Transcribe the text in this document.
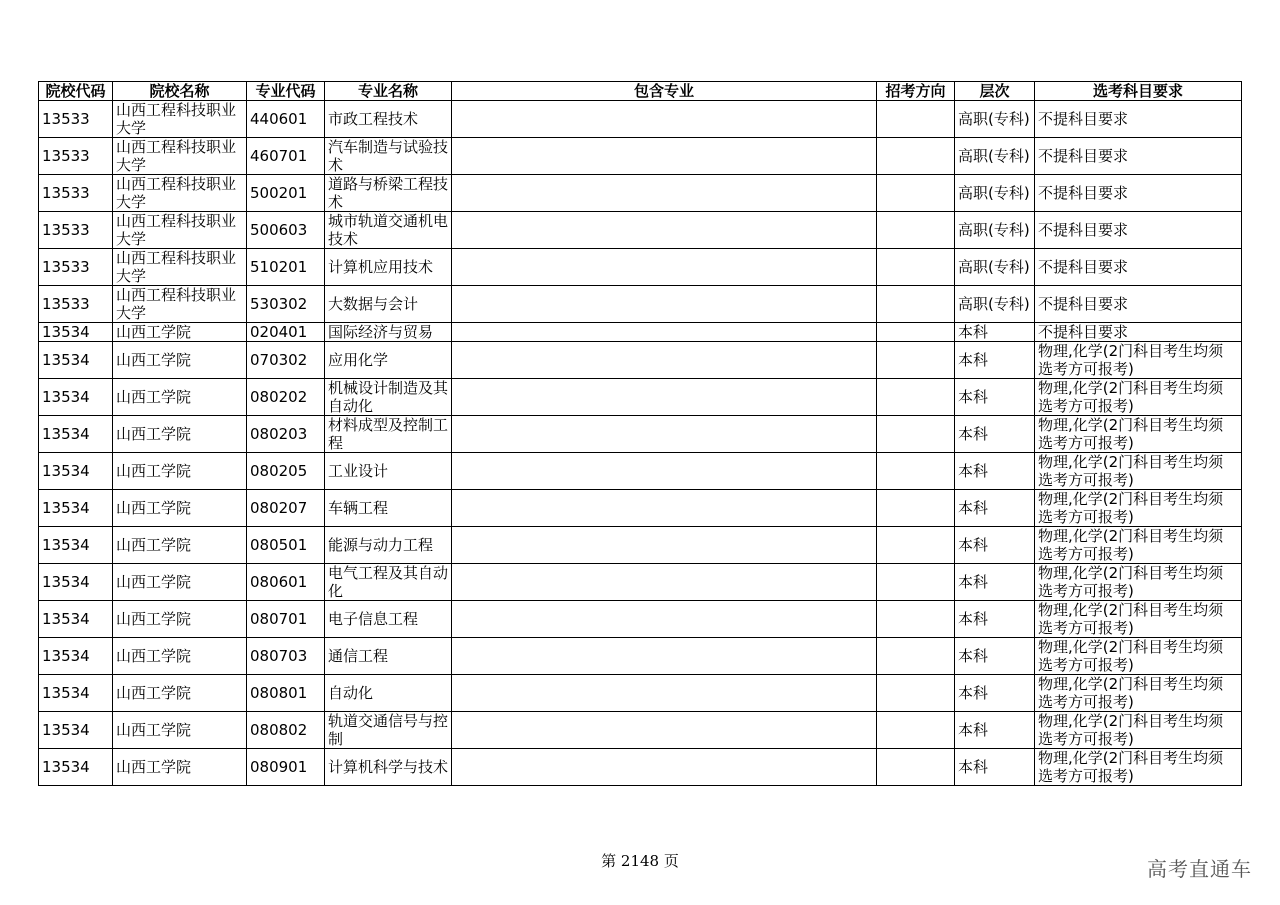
院校代码	院校名称	专业代码	专业名称	包含专业	招考方向	层次	选考科目要求
13533	山西工程科技职业大学	440601	市政工程技术			高职(专科)	不提科目要求
13533	山西工程科技职业大学	460701	汽车制造与试验技术			高职(专科)	不提科目要求
13533	山西工程科技职业大学	500201	道路与桥梁工程技术			高职(专科)	不提科目要求
13533	山西工程科技职业大学	500603	城市轨道交通机电技术			高职(专科)	不提科目要求
13533	山西工程科技职业大学	510201	计算机应用技术			高职(专科)	不提科目要求
13533	山西工程科技职业大学	530302	大数据与会计			高职(专科)	不提科目要求
13534	山西工学院	020401	国际经济与贸易			本科	不提科目要求
13534	山西工学院	070302	应用化学			本科	物理,化学(2门科目考生均须选考方可报考)
13534	山西工学院	080202	机械设计制造及其自动化			本科	物理,化学(2门科目考生均须选考方可报考)
13534	山西工学院	080203	材料成型及控制工程			本科	物理,化学(2门科目考生均须选考方可报考)
13534	山西工学院	080205	工业设计			本科	物理,化学(2门科目考生均须选考方可报考)
13534	山西工学院	080207	车辆工程			本科	物理,化学(2门科目考生均须选考方可报考)
13534	山西工学院	080501	能源与动力工程			本科	物理,化学(2门科目考生均须选考方可报考)
13534	山西工学院	080601	电气工程及其自动化			本科	物理,化学(2门科目考生均须选考方可报考)
13534	山西工学院	080701	电子信息工程			本科	物理,化学(2门科目考生均须选考方可报考)
13534	山西工学院	080703	通信工程			本科	物理,化学(2门科目考生均须选考方可报考)
13534	山西工学院	080801	自动化			本科	物理,化学(2门科目考生均须选考方可报考)
13534	山西工学院	080802	轨道交通信号与控制			本科	物理,化学(2门科目考生均须选考方可报考)
13534	山西工学院	080901	计算机科学与技术			本科	物理,化学(2门科目考生均须选考方可报考)
第 2148 页	高考直通车
